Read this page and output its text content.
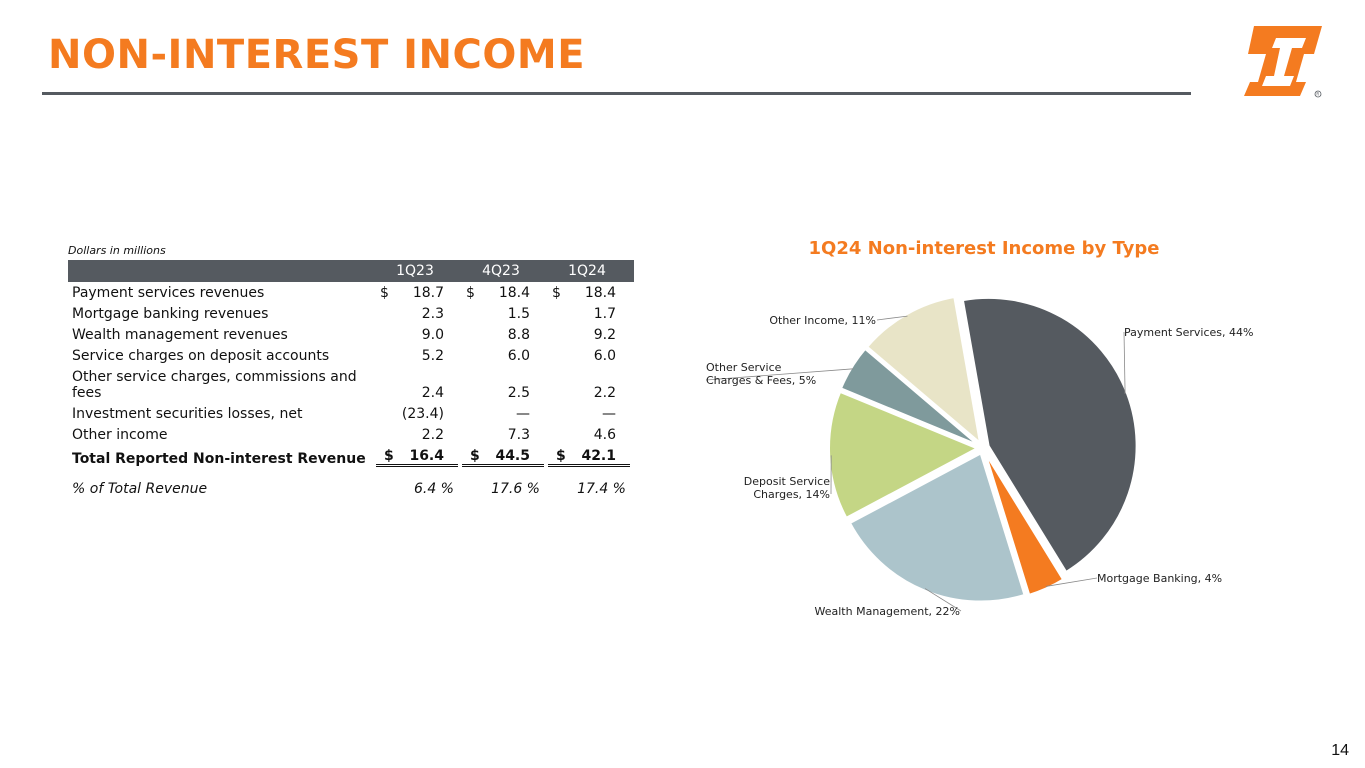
NON-INTEREST INCOME
R
Dollars in millions
1Q23	4Q23	1Q24
Payment services revenues	$	18.7	$	18.4	$	18.4
Mortgage banking revenues	2.3	1.5	1.7
Wealth management revenues	9.0	8.8	9.2
Service charges on deposit accounts	5.2	6.0	6.0
Other service charges, commissions and fees	2.4	2.5	2.2
Investment securities losses, net	(23.4)	—	—
Other income	2.2	7.3	4.6
Total Reported Non-interest Revenue	$	16.4	$	44.5	$	42.1
% of Total Revenue	6.4 %	17.6 %	17.4 %
1Q24 Non-interest Income by Type
Payment Services, 44%
Mortgage Banking, 4%
Wealth Management, 22%
Deposit Service Charges, 14%
Other Service Charges & Fees, 5%
Other Income, 11%
14
